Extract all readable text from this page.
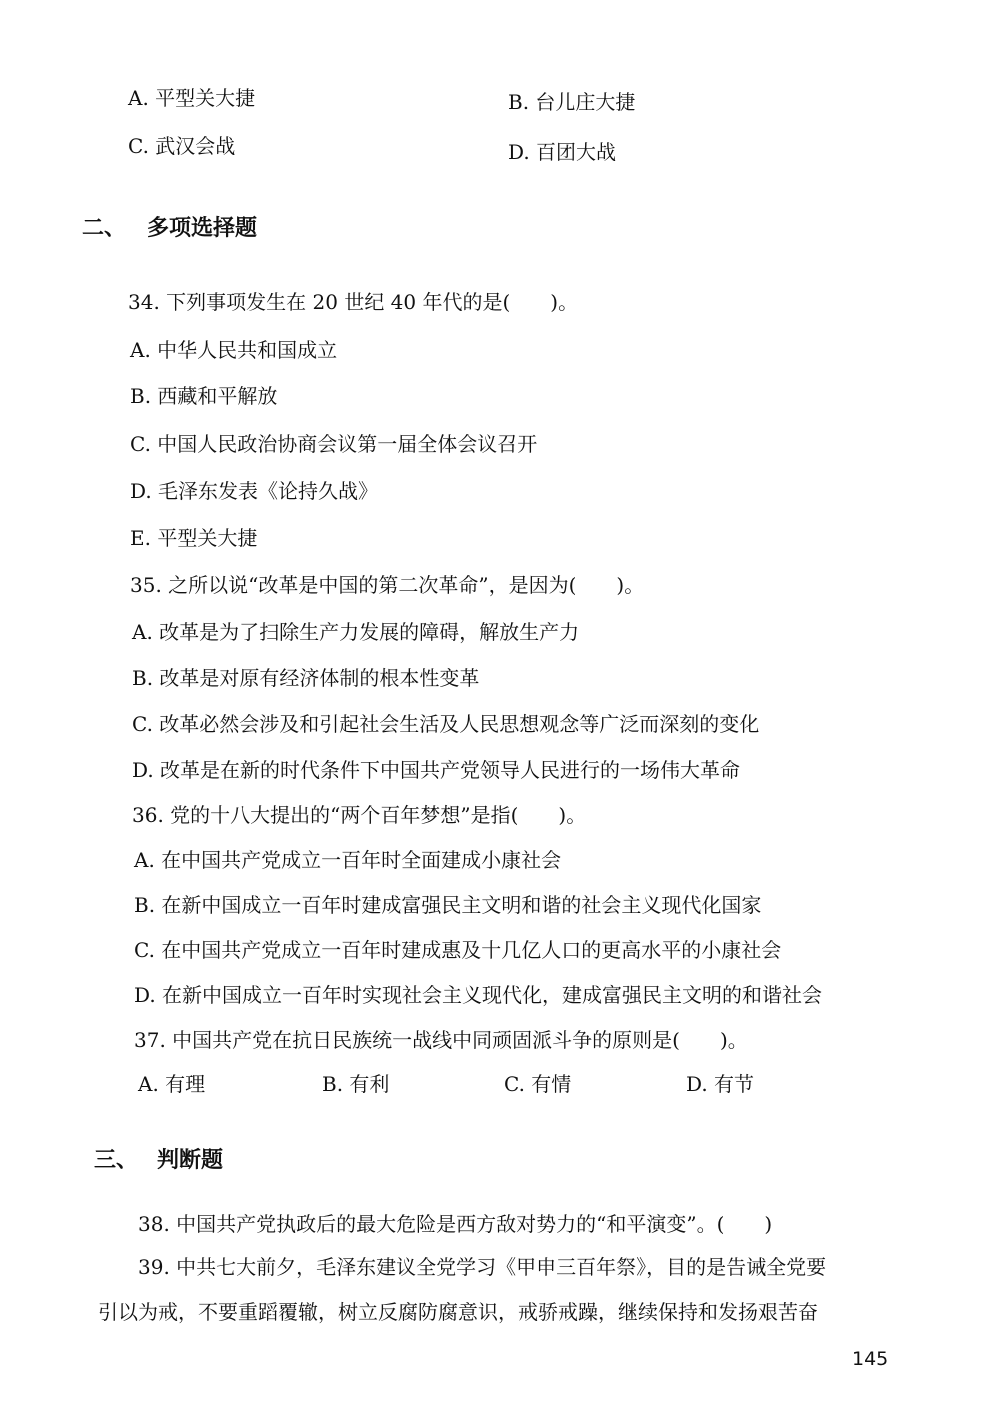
A. 平型关大捷	B. 台儿庄大捷
C. 武汉会战	D. 百团大战
二、 多项选择题
34. 下列事项发生在 20 世纪 40 年代的是(　　)。
A. 中华人民共和国成立
B. 西藏和平解放
C. 中国人民政治协商会议第一届全体会议召开
D. 毛泽东发表《论持久战》
E. 平型关大捷
35. 之所以说“改革是中国的第二次革命”，是因为(　　)。
A. 改革是为了扫除生产力发展的障碍，解放生产力
B. 改革是对原有经济体制的根本性变革
C. 改革必然会涉及和引起社会生活及人民思想观念等广泛而深刻的变化
D. 改革是在新的时代条件下中国共产党领导人民进行的一场伟大革命
36. 党的十八大提出的“两个百年梦想”是指(　　)。
A. 在中国共产党成立一百年时全面建成小康社会
B. 在新中国成立一百年时建成富强民主文明和谐的社会主义现代化国家
C. 在中国共产党成立一百年时建成惠及十几亿人口的更高水平的小康社会
D. 在新中国成立一百年时实现社会主义现代化，建成富强民主文明的和谐社会
37. 中国共产党在抗日民族统一战线中同顽固派斗争的原则是(　　)。
A. 有理	B. 有利	C. 有情	D. 有节
三、 判断题
38. 中国共产党执政后的最大危险是西方敌对势力的“和平演变”。(　　)
39. 中共七大前夕，毛泽东建议全党学习《甲申三百年祭》，目的是告诫全党要
引以为戒，不要重蹈覆辙，树立反腐防腐意识，戒骄戒躁，继续保持和发扬艰苦奋
145
